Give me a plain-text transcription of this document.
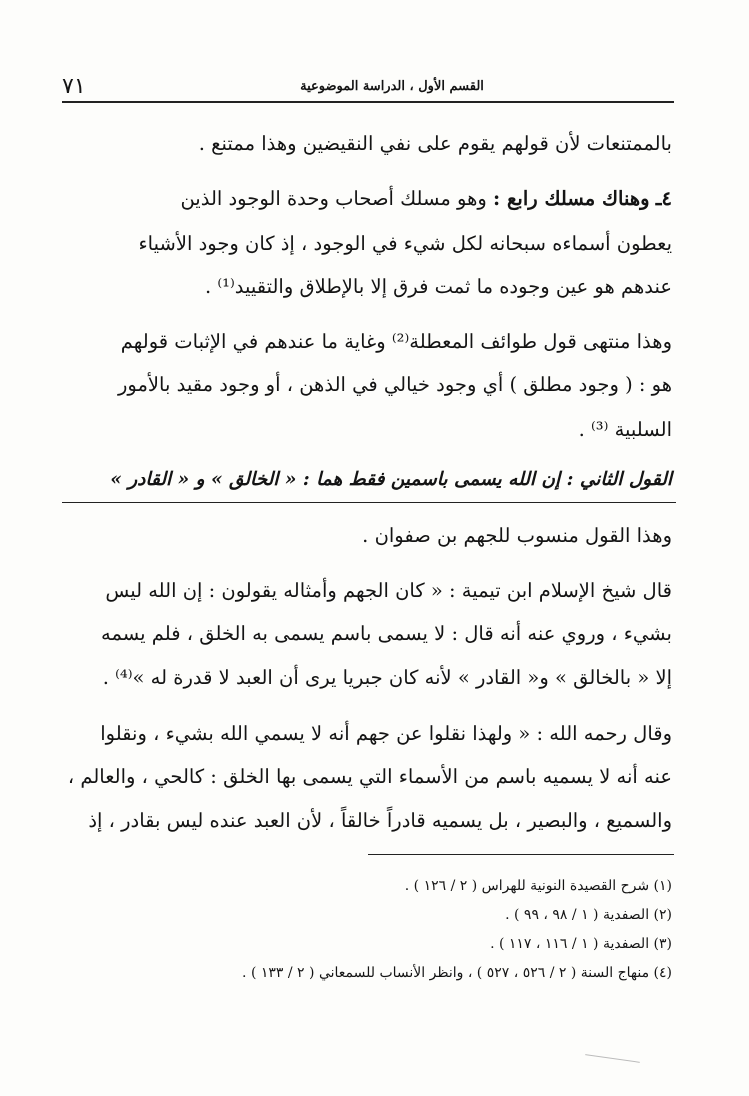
٧١	القسم الأول ، الدراسة الموضوعية
بالممتنعات لأن قولهم يقوم على نفي النقيضين وهذا ممتنع .
٤ـ وهناك مسلك رابع : وهو مسلك أصحاب وحدة الوجود الذين
يعطون أسماءه سبحانه لكل شيء في الوجود ، إذ كان وجود الأشياء
عندهم هو عين وجوده ما ثمت فرق إلا بالإطلاق والتقييد⁽¹⁾ .
وهذا منتهى قول طوائف المعطلة⁽²⁾ وغاية ما عندهم في الإثبات قولهم
هو : ( وجود مطلق ) أي وجود خيالي في الذهن ، أو وجود مقيد بالأمور
السلبية ⁽³⁾ .
القول الثاني : إن الله يسمى باسمين فقط هما : « الخالق » و « القادر »
وهذا القول منسوب للجهم بن صفوان .
قال شيخ الإسلام ابن تيمية : « كان الجهم وأمثاله يقولون : إن الله ليس
بشيء ، وروي عنه أنه قال : لا يسمى باسم يسمى به الخلق ، فلم يسمه
إلا « بالخالق » و« القادر » لأنه كان جبريا يرى أن العبد لا قدرة له »⁽⁴⁾ .
وقال رحمه الله : « ولهذا نقلوا عن جهم أنه لا يسمي الله بشيء ، ونقلوا
عنه أنه لا يسميه باسم من الأسماء التي يسمى بها الخلق : كالحي ، والعالم ،
والسميع ، والبصير ، بل يسميه قادراً خالقاً ، لأن العبد عنده ليس بقادر ، إذ
(١) شرح القصيدة النونية للهراس ( ٢ / ١٢٦ ) .
(٢) الصفدية ( ١ / ٩٨ ، ٩٩ ) .
(٣) الصفدية ( ١ / ١١٦ ، ١١٧ ) .
(٤) منهاج السنة ( ٢ / ٥٢٦ ، ٥٢٧ ) ، وانظر الأنساب للسمعاني ( ٢ / ١٣٣ ) .
